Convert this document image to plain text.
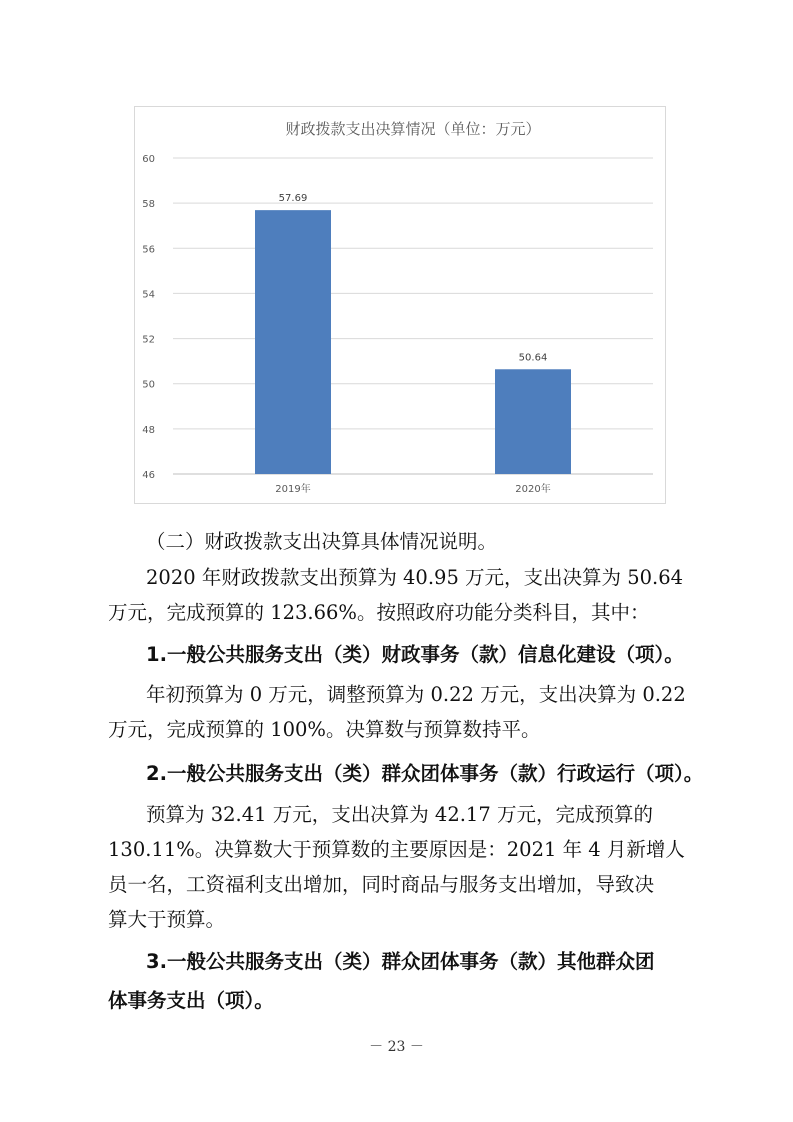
财政拨款支出决算情况（单位：万元）
46
48
50
52
54
56
58
60
57.69
2019年
50.64
2020年

（二）财政拨款支出决算具体情况说明。

2020 年财政拨款支出预算为 40.95 万元，支出决算为 50.64

万元，完成预算的 123.66%。按照政府功能分类科目，其中：

1.一般公共服务支出（类）财政事务（款）信息化建设（项）。

年初预算为 0 万元，调整预算为 0.22 万元，支出决算为 0.22

万元，完成预算的 100%。决算数与预算数持平。

2.一般公共服务支出（类）群众团体事务（款）行政运行（项）。

预算为 32.41 万元，支出决算为 42.17 万元，完成预算的

130.11%。决算数大于预算数的主要原因是：2021 年 4 月新增人

员一名，工资福利支出增加，同时商品与服务支出增加，导致决

算大于预算。

3.一般公共服务支出（类）群众团体事务（款）其他群众团

体事务支出（项）。

－ 23 －
